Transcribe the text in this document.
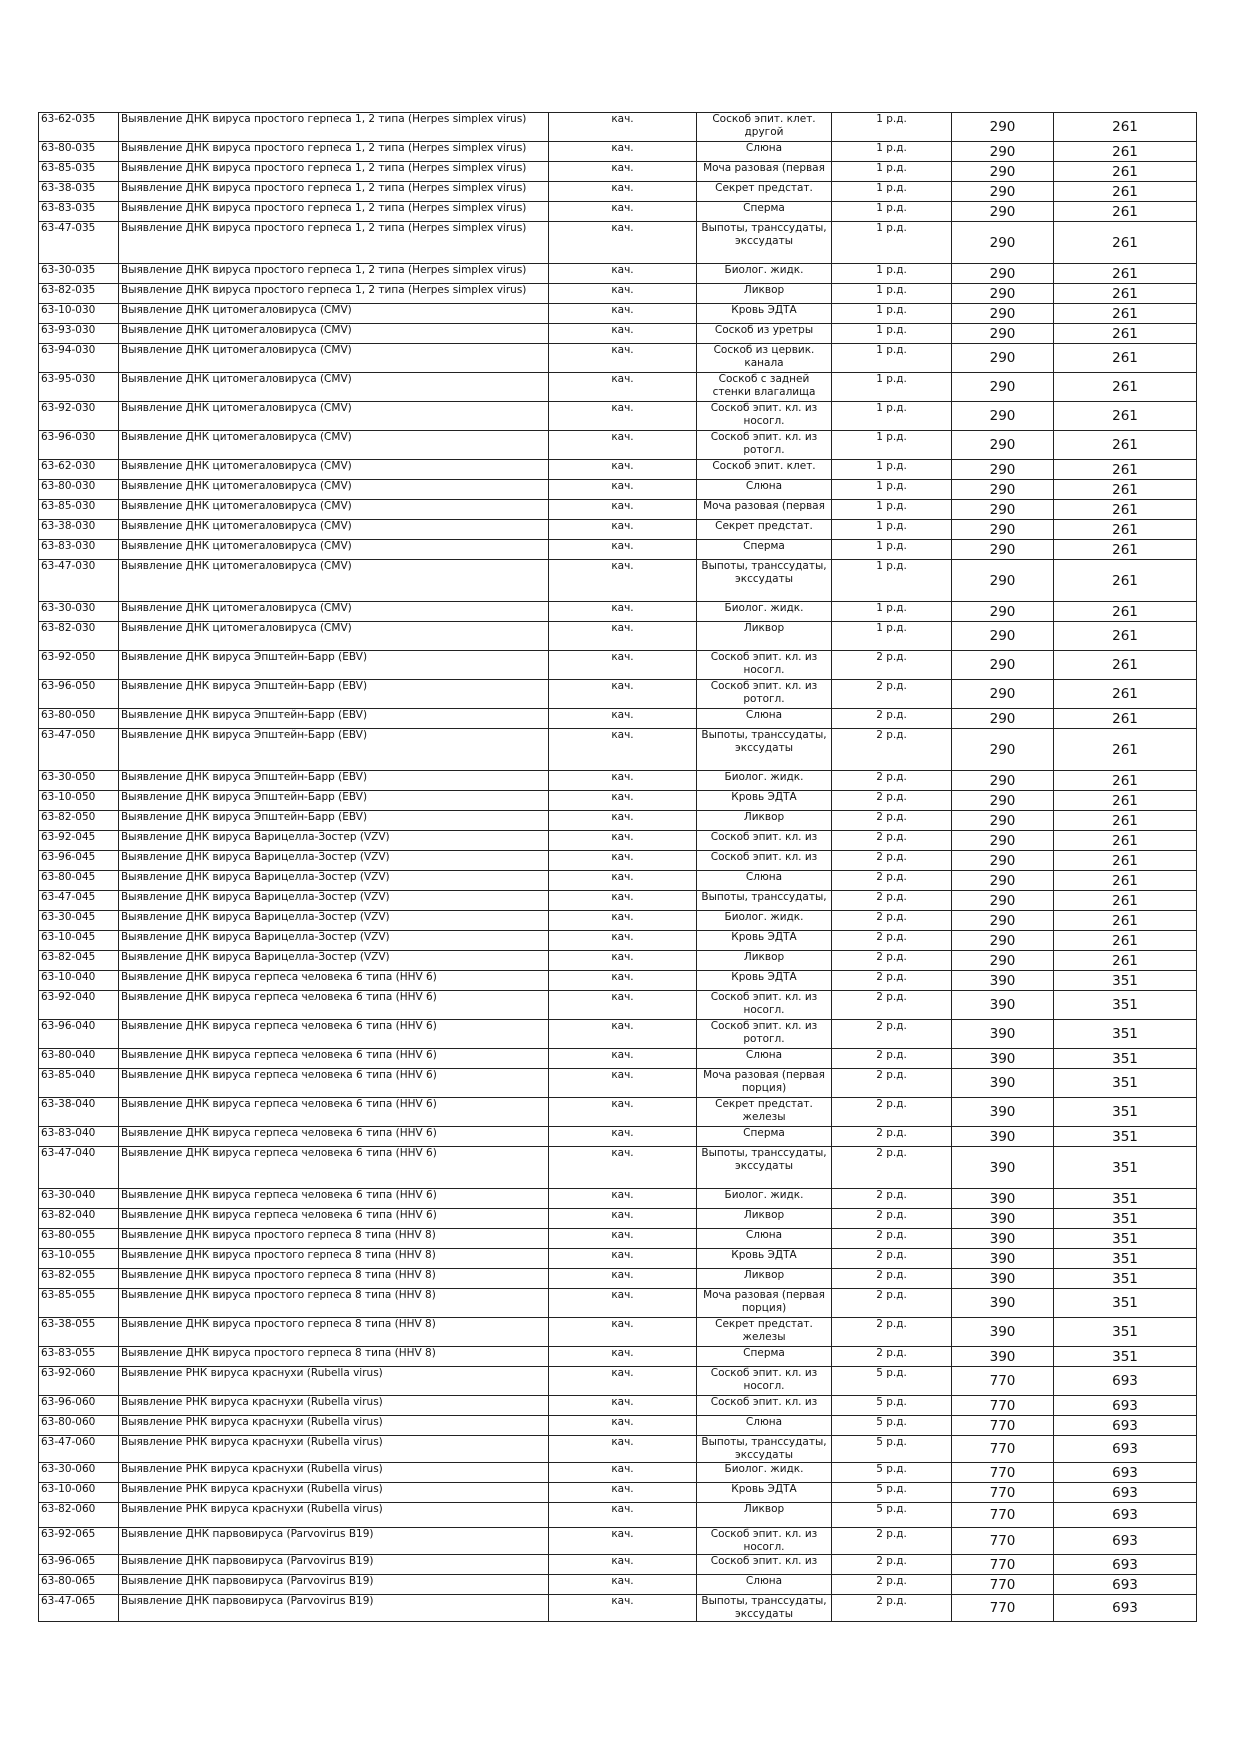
63-62-035	Выявление ДНК вируса простого герпеса 1, 2 типа (Herpes simplex virus)	кач.	Соскоб эпит. клет. другой	1 р.д.	290	261
63-80-035	Выявление ДНК вируса простого герпеса 1, 2 типа (Herpes simplex virus)	кач.	Слюна	1 р.д.	290	261
63-85-035	Выявление ДНК вируса простого герпеса 1, 2 типа (Herpes simplex virus)	кач.	Моча разовая (первая	1 р.д.	290	261
63-38-035	Выявление ДНК вируса простого герпеса 1, 2 типа (Herpes simplex virus)	кач.	Секрет предстат.	1 р.д.	290	261
63-83-035	Выявление ДНК вируса простого герпеса 1, 2 типа (Herpes simplex virus)	кач.	Сперма	1 р.д.	290	261
63-47-035	Выявление ДНК вируса простого герпеса 1, 2 типа (Herpes simplex virus)	кач.	Выпоты, транссудаты, экссудаты	1 р.д.	290	261
63-30-035	Выявление ДНК вируса простого герпеса 1, 2 типа (Herpes simplex virus)	кач.	Биолог. жидк.	1 р.д.	290	261
63-82-035	Выявление ДНК вируса простого герпеса 1, 2 типа (Herpes simplex virus)	кач.	Ликвор	1 р.д.	290	261
63-10-030	Выявление ДНК цитомегаловируса (CMV)	кач.	Кровь ЭДТА	1 р.д.	290	261
63-93-030	Выявление ДНК цитомегаловируса (CMV)	кач.	Соскоб из уретры	1 р.д.	290	261
63-94-030	Выявление ДНК цитомегаловируса (CMV)	кач.	Соскоб из цервик. канала	1 р.д.	290	261
63-95-030	Выявление ДНК цитомегаловируса (CMV)	кач.	Соскоб с задней стенки влагалища	1 р.д.	290	261
63-92-030	Выявление ДНК цитомегаловируса (CMV)	кач.	Соскоб эпит. кл. из носогл.	1 р.д.	290	261
63-96-030	Выявление ДНК цитомегаловируса (CMV)	кач.	Соскоб эпит. кл. из ротогл.	1 р.д.	290	261
63-62-030	Выявление ДНК цитомегаловируса (CMV)	кач.	Соскоб эпит. клет.	1 р.д.	290	261
63-80-030	Выявление ДНК цитомегаловируса (CMV)	кач.	Слюна	1 р.д.	290	261
63-85-030	Выявление ДНК цитомегаловируса (CMV)	кач.	Моча разовая (первая	1 р.д.	290	261
63-38-030	Выявление ДНК цитомегаловируса (CMV)	кач.	Секрет предстат.	1 р.д.	290	261
63-83-030	Выявление ДНК цитомегаловируса (CMV)	кач.	Сперма	1 р.д.	290	261
63-47-030	Выявление ДНК цитомегаловируса (CMV)	кач.	Выпоты, транссудаты, экссудаты	1 р.д.	290	261
63-30-030	Выявление ДНК цитомегаловируса (CMV)	кач.	Биолог. жидк.	1 р.д.	290	261
63-82-030	Выявление ДНК цитомегаловируса (CMV)	кач.	Ликвор	1 р.д.	290	261
63-92-050	Выявление ДНК вируса Эпштейн-Барр (EBV)	кач.	Соскоб эпит. кл. из носогл.	2 р.д.	290	261
63-96-050	Выявление ДНК вируса Эпштейн-Барр (EBV)	кач.	Соскоб эпит. кл. из ротогл.	2 р.д.	290	261
63-80-050	Выявление ДНК вируса Эпштейн-Барр (EBV)	кач.	Слюна	2 р.д.	290	261
63-47-050	Выявление ДНК вируса Эпштейн-Барр (EBV)	кач.	Выпоты, транссудаты, экссудаты	2 р.д.	290	261
63-30-050	Выявление ДНК вируса Эпштейн-Барр (EBV)	кач.	Биолог. жидк.	2 р.д.	290	261
63-10-050	Выявление ДНК вируса Эпштейн-Барр (EBV)	кач.	Кровь ЭДТА	2 р.д.	290	261
63-82-050	Выявление ДНК вируса Эпштейн-Барр (EBV)	кач.	Ликвор	2 р.д.	290	261
63-92-045	Выявление ДНК вируса Варицелла-Зостер (VZV)	кач.	Соскоб эпит. кл. из	2 р.д.	290	261
63-96-045	Выявление ДНК вируса Варицелла-Зостер (VZV)	кач.	Соскоб эпит. кл. из	2 р.д.	290	261
63-80-045	Выявление ДНК вируса Варицелла-Зостер (VZV)	кач.	Слюна	2 р.д.	290	261
63-47-045	Выявление ДНК вируса Варицелла-Зостер (VZV)	кач.	Выпоты, транссудаты,	2 р.д.	290	261
63-30-045	Выявление ДНК вируса Варицелла-Зостер (VZV)	кач.	Биолог. жидк.	2 р.д.	290	261
63-10-045	Выявление ДНК вируса Варицелла-Зостер (VZV)	кач.	Кровь ЭДТА	2 р.д.	290	261
63-82-045	Выявление ДНК вируса Варицелла-Зостер (VZV)	кач.	Ликвор	2 р.д.	290	261
63-10-040	Выявление ДНК вируса герпеса человека 6 типа (HHV 6)	кач.	Кровь ЭДТА	2 р.д.	390	351
63-92-040	Выявление ДНК вируса герпеса человека 6 типа (HHV 6)	кач.	Соскоб эпит. кл. из носогл.	2 р.д.	390	351
63-96-040	Выявление ДНК вируса герпеса человека 6 типа (HHV 6)	кач.	Соскоб эпит. кл. из ротогл.	2 р.д.	390	351
63-80-040	Выявление ДНК вируса герпеса человека 6 типа (HHV 6)	кач.	Слюна	2 р.д.	390	351
63-85-040	Выявление ДНК вируса герпеса человека 6 типа (HHV 6)	кач.	Моча разовая (первая порция)	2 р.д.	390	351
63-38-040	Выявление ДНК вируса герпеса человека 6 типа (HHV 6)	кач.	Секрет предстат. железы	2 р.д.	390	351
63-83-040	Выявление ДНК вируса герпеса человека 6 типа (HHV 6)	кач.	Сперма	2 р.д.	390	351
63-47-040	Выявление ДНК вируса герпеса человека 6 типа (HHV 6)	кач.	Выпоты, транссудаты, экссудаты	2 р.д.	390	351
63-30-040	Выявление ДНК вируса герпеса человека 6 типа (HHV 6)	кач.	Биолог. жидк.	2 р.д.	390	351
63-82-040	Выявление ДНК вируса герпеса человека 6 типа (HHV 6)	кач.	Ликвор	2 р.д.	390	351
63-80-055	Выявление ДНК вируса простого герпеса 8 типа (HHV 8)	кач.	Слюна	2 р.д.	390	351
63-10-055	Выявление ДНК вируса простого герпеса 8 типа (HHV 8)	кач.	Кровь ЭДТА	2 р.д.	390	351
63-82-055	Выявление ДНК вируса простого герпеса 8 типа (HHV 8)	кач.	Ликвор	2 р.д.	390	351
63-85-055	Выявление ДНК вируса простого герпеса 8 типа (HHV 8)	кач.	Моча разовая (первая порция)	2 р.д.	390	351
63-38-055	Выявление ДНК вируса простого герпеса 8 типа (HHV 8)	кач.	Секрет предстат. железы	2 р.д.	390	351
63-83-055	Выявление ДНК вируса простого герпеса 8 типа (HHV 8)	кач.	Сперма	2 р.д.	390	351
63-92-060	Выявление РНК вируса краснухи (Rubella virus)	кач.	Соскоб эпит. кл. из носогл.	5 р.д.	770	693
63-96-060	Выявление РНК вируса краснухи (Rubella virus)	кач.	Соскоб эпит. кл. из	5 р.д.	770	693
63-80-060	Выявление РНК вируса краснухи (Rubella virus)	кач.	Слюна	5 р.д.	770	693
63-47-060	Выявление РНК вируса краснухи (Rubella virus)	кач.	Выпоты, транссудаты, экссудаты	5 р.д.	770	693
63-30-060	Выявление РНК вируса краснухи (Rubella virus)	кач.	Биолог. жидк.	5 р.д.	770	693
63-10-060	Выявление РНК вируса краснухи (Rubella virus)	кач.	Кровь ЭДТА	5 р.д.	770	693
63-82-060	Выявление РНК вируса краснухи (Rubella virus)	кач.	Ликвор	5 р.д.	770	693
63-92-065	Выявление ДНК парвовируса (Parvovirus B19)	кач.	Соскоб эпит. кл. из носогл.	2 р.д.	770	693
63-96-065	Выявление ДНК парвовируса (Parvovirus B19)	кач.	Соскоб эпит. кл. из	2 р.д.	770	693
63-80-065	Выявление ДНК парвовируса (Parvovirus B19)	кач.	Слюна	2 р.д.	770	693
63-47-065	Выявление ДНК парвовируса (Parvovirus B19)	кач.	Выпоты, транссудаты, экссудаты	2 р.д.	770	693
